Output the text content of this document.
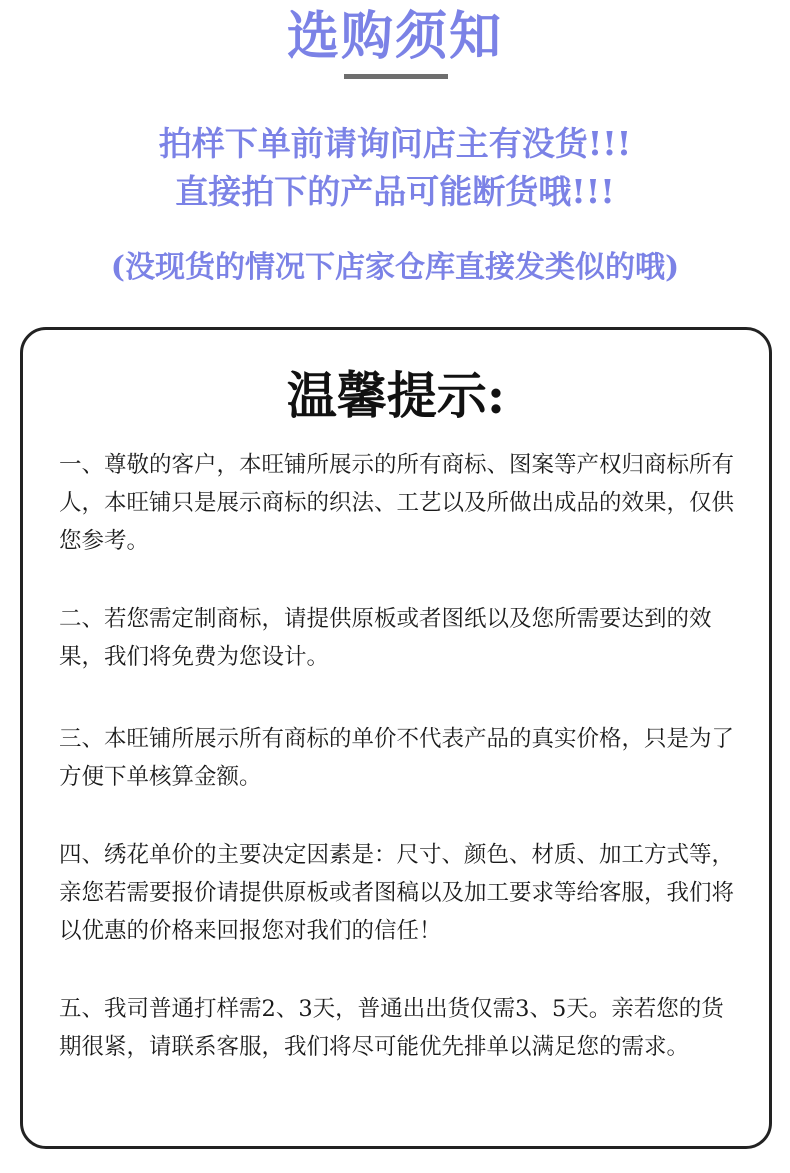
选购须知
拍样下单前请询问店主有没货!!!
直接拍下的产品可能断货哦!!!
(没现货的情况下店家仓库直接发类似的哦)
温馨提示:

一、尊敬的客户，本旺铺所展示的所有商标、图案等产权归商标所有人，本旺铺只是展示商标的织法、工艺以及所做出成品的效果，仅供您参考。

二、若您需定制商标，请提供原板或者图纸以及您所需要达到的效果，我们将免费为您设计。

三、本旺铺所展示所有商标的单价不代表产品的真实价格，只是为了方便下单核算金额。

四、绣花单价的主要决定因素是：尺寸、颜色、材质、加工方式等，亲您若需要报价请提供原板或者图稿以及加工要求等给客服，我们将以优惠的价格来回报您对我们的信任！

五、我司普通打样需2、3天，普通出出货仅需3、5天。亲若您的货期很紧，请联系客服，我们将尽可能优先排单以满足您的需求。
